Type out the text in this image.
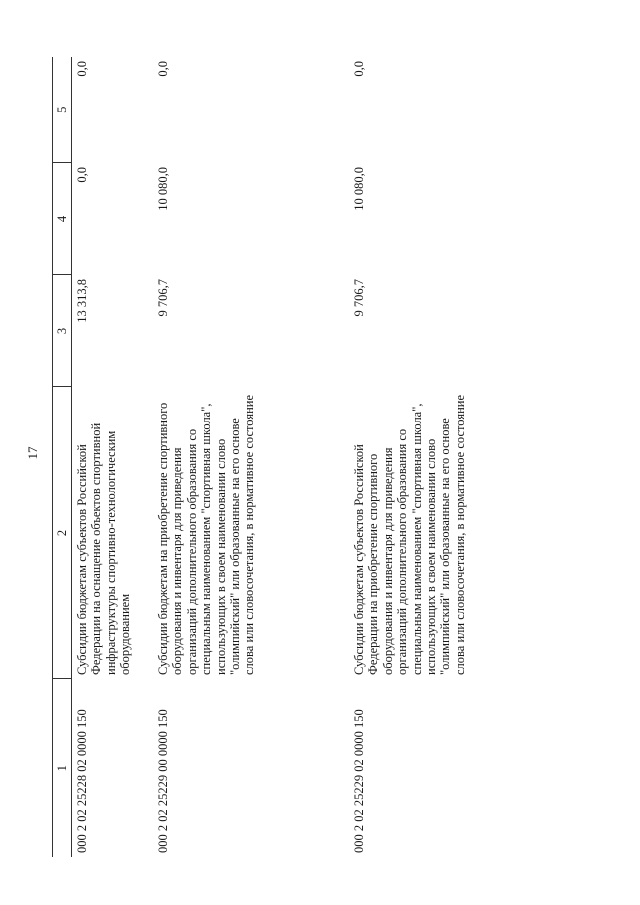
17
1	2	3	4	5
000 2 02 25228 02 0000 150	Субсидии бюджетам субъектов Российской Федерации на оснащение объектов спортивной инфраструктуры спортивно-технологическим оборудованием	13 313,8	0,0	0,0
000 2 02 25229 00 0000 150	Субсидии бюджетам на приобретение спортивного оборудования и инвентаря для приведения организаций дополнительного образования со специальным наименованием "спортивная школа", использующих в своем наименовании слово "олимпийский" или образованные на его основе слова или словосочетания, в нормативное состояние	9 706,7	10 080,0	0,0
000 2 02 25229 02 0000 150	Субсидии бюджетам субъектов Российской Федерации на приобретение спортивного оборудования и инвентаря для приведения организаций дополнительного образования со специальным наименованием "спортивная школа", использующих в своем наименовании слово "олимпийский" или образованные на его основе слова или словосочетания, в нормативное состояние	9 706,7	10 080,0	0,0
